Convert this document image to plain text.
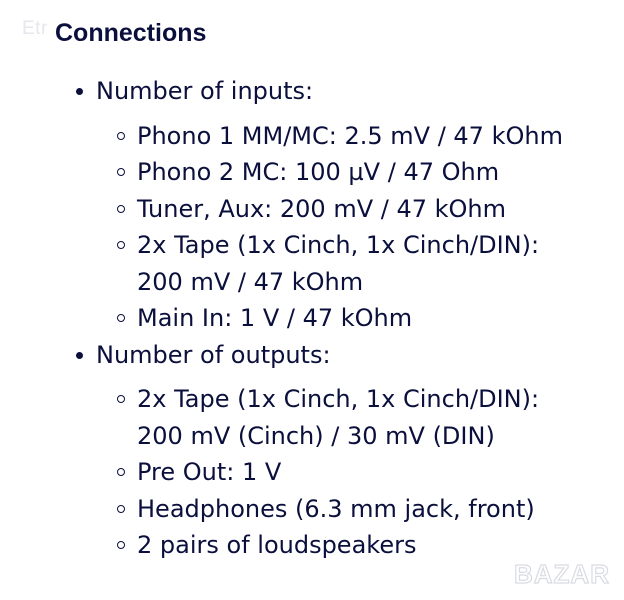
Etr Connections
Number of inputs:
Phono 1 MM/MC: 2.5 mV / 47 kOhm
Phono 2 MC: 100 µV / 47 Ohm
Tuner, Aux: 200 mV / 47 kOhm
2x Tape (1x Cinch, 1x Cinch/DIN):
200 mV / 47 kOhm
Main In: 1 V / 47 kOhm
Number of outputs:
2x Tape (1x Cinch, 1x Cinch/DIN):
200 mV (Cinch) / 30 mV (DIN)
Pre Out: 1 V
Headphones (6.3 mm jack, front)
2 pairs of loudspeakers
BAZAR
